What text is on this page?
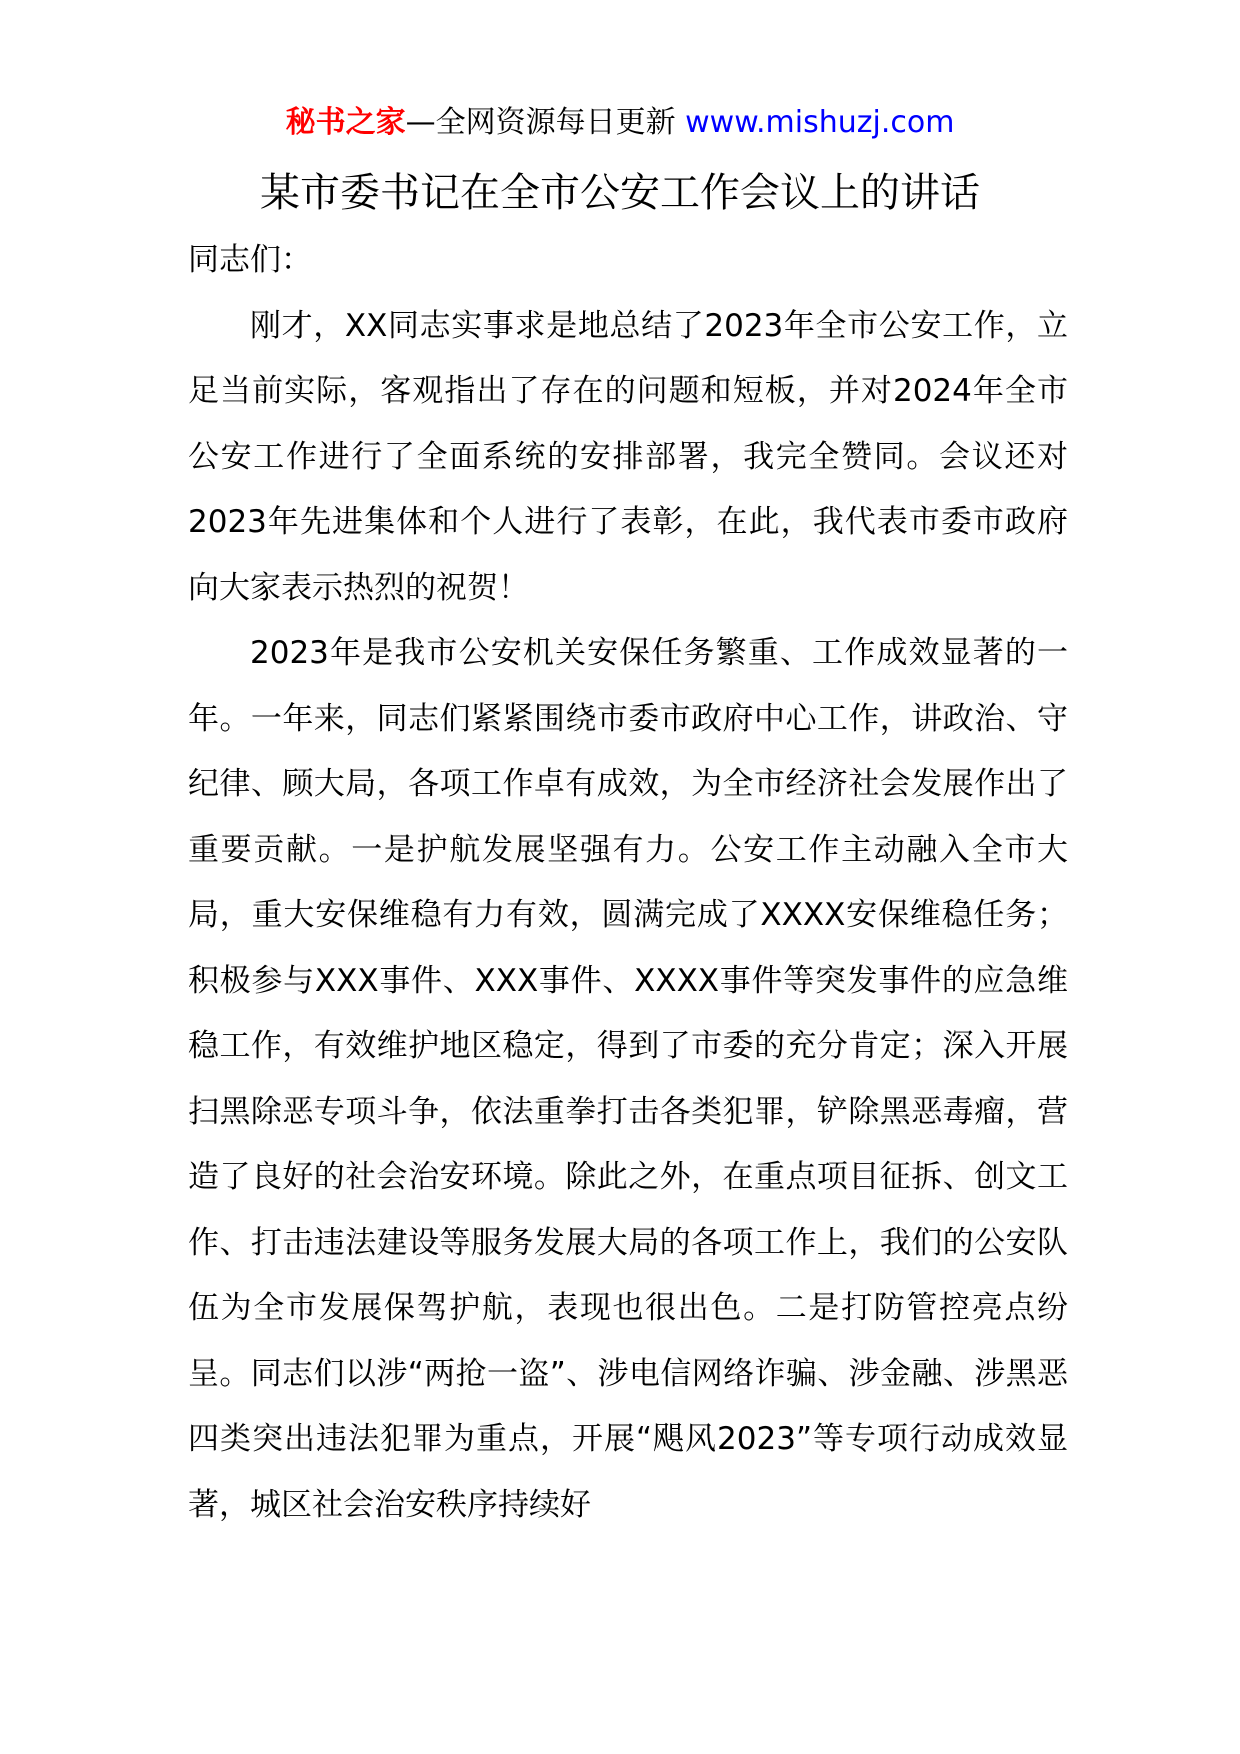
秘书之家—全网资源每日更新 www.mishuzj.com
某市委书记在全市公安工作会议上的讲话

同志们：

刚才，XX同志实事求是地总结了2023年全市公安工作，立足当前实际，客观指出了存在的问题和短板，并对2024年全市公安工作进行了全面系统的安排部署，我完全赞同。会议还对2023年先进集体和个人进行了表彰，在此，我代表市委市政府向大家表示热烈的祝贺！

2023年是我市公安机关安保任务繁重、工作成效显著的一年。一年来，同志们紧紧围绕市委市政府中心工作，讲政治、守纪律、顾大局，各项工作卓有成效，为全市经济社会发展作出了重要贡献。一是护航发展坚强有力。公安工作主动融入全市大局，重大安保维稳有力有效，圆满完成了XXXX安保维稳任务；积极参与XXX事件、XXX事件、XXXX事件等突发事件的应急维稳工作，有效维护地区稳定，得到了市委的充分肯定；深入开展扫黑除恶专项斗争，依法重拳打击各类犯罪，铲除黑恶毒瘤，营造了良好的社会治安环境。除此之外，在重点项目征拆、创文工作、打击违法建设等服务发展大局的各项工作上，我们的公安队伍为全市发展保驾护航，表现也很出色。二是打防管控亮点纷呈。同志们以涉“两抢一盗”、涉电信网络诈骗、涉金融、涉黑恶四类突出违法犯罪为重点，开展“飓风2023”等专项行动成效显著，城区社会治安秩序持续好
